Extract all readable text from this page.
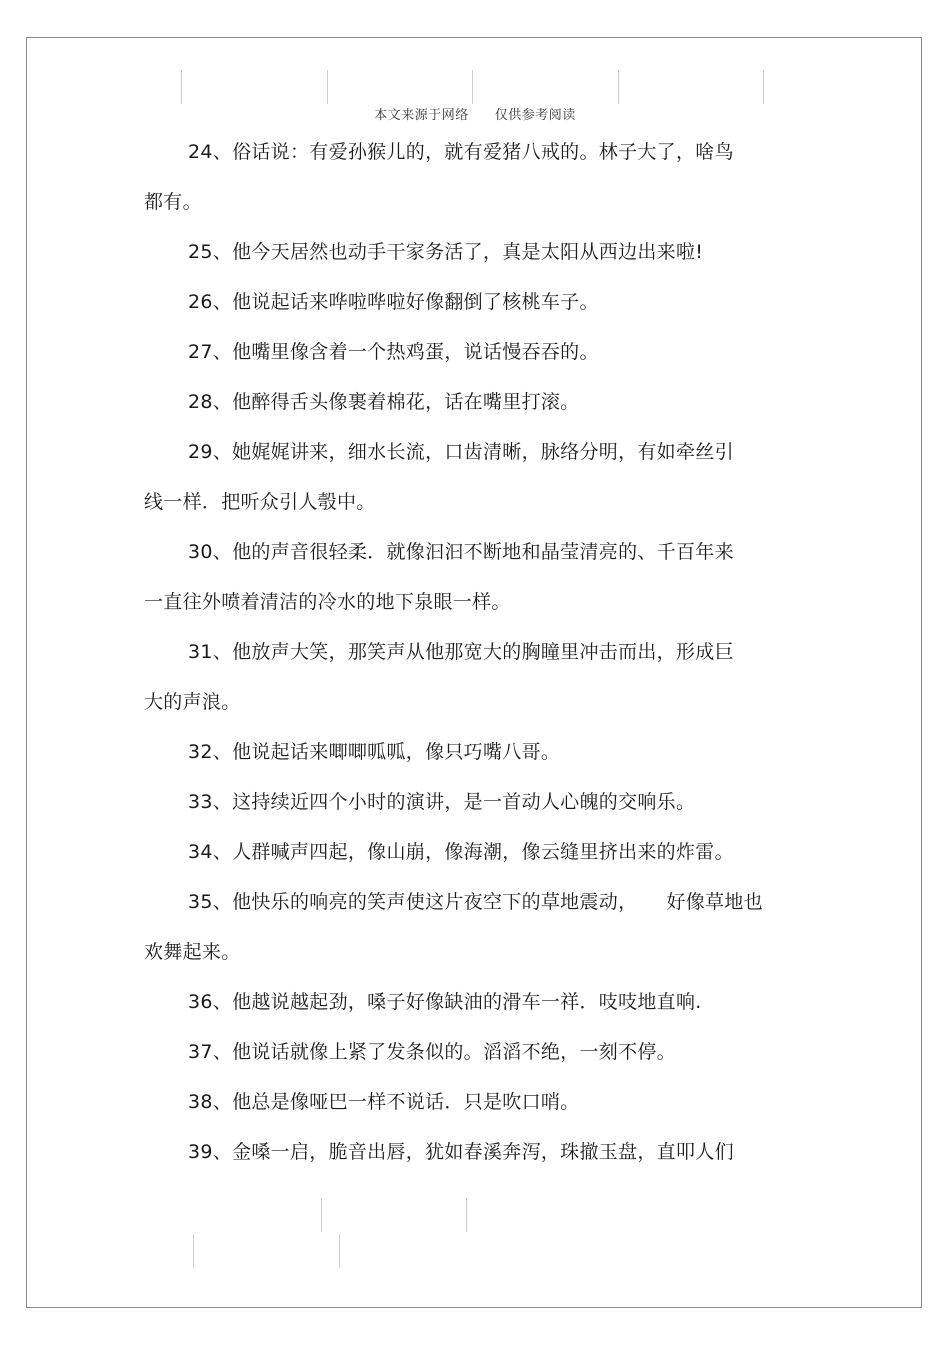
本文来源于网络 仅供参考阅读
24、俗话说：有爱孙猴儿的，就有爱猪八戒的。林子大了，啥鸟
都有。
25、他今天居然也动手干家务活了，真是太阳从西边出来啦!
26、他说起话来哗啦哗啦好像翻倒了核桃车子。
27、他嘴里像含着一个热鸡蛋，说话慢吞吞的。
28、他醉得舌头像裹着棉花，话在嘴里打滚。
29、她娓娓讲来，细水长流，口齿清晰，脉络分明，有如牵丝引
线一样．把听众引人彀中。
30、他的声音很轻柔．就像汩汩不断地和晶莹清亮的、千百年来
一直往外喷着清洁的冷水的地下泉眼一样。
31、他放声大笑，那笑声从他那宽大的胸瞳里冲击而出，形成巨
大的声浪。
32、他说起话来唧唧呱呱，像只巧嘴八哥。
33、这持续近四个小时的演讲，是一首动人心魄的交响乐。
34、人群喊声四起，像山崩，像海潮，像云缝里挤出来的炸雷。
35、他快乐的响亮的笑声使这片夜空下的草地震动，　　好像草地也
欢舞起来。
36、他越说越起劲，嗓子好像缺油的滑车一祥．吱吱地直响.
37、他说话就像上紧了发条似的。滔滔不绝，一刻不停。
38、他总是像哑巴一样不说话．只是吹口哨。
39、金嗓一启，脆音出唇，犹如春溪奔泻，珠撤玉盘，直叩人们
